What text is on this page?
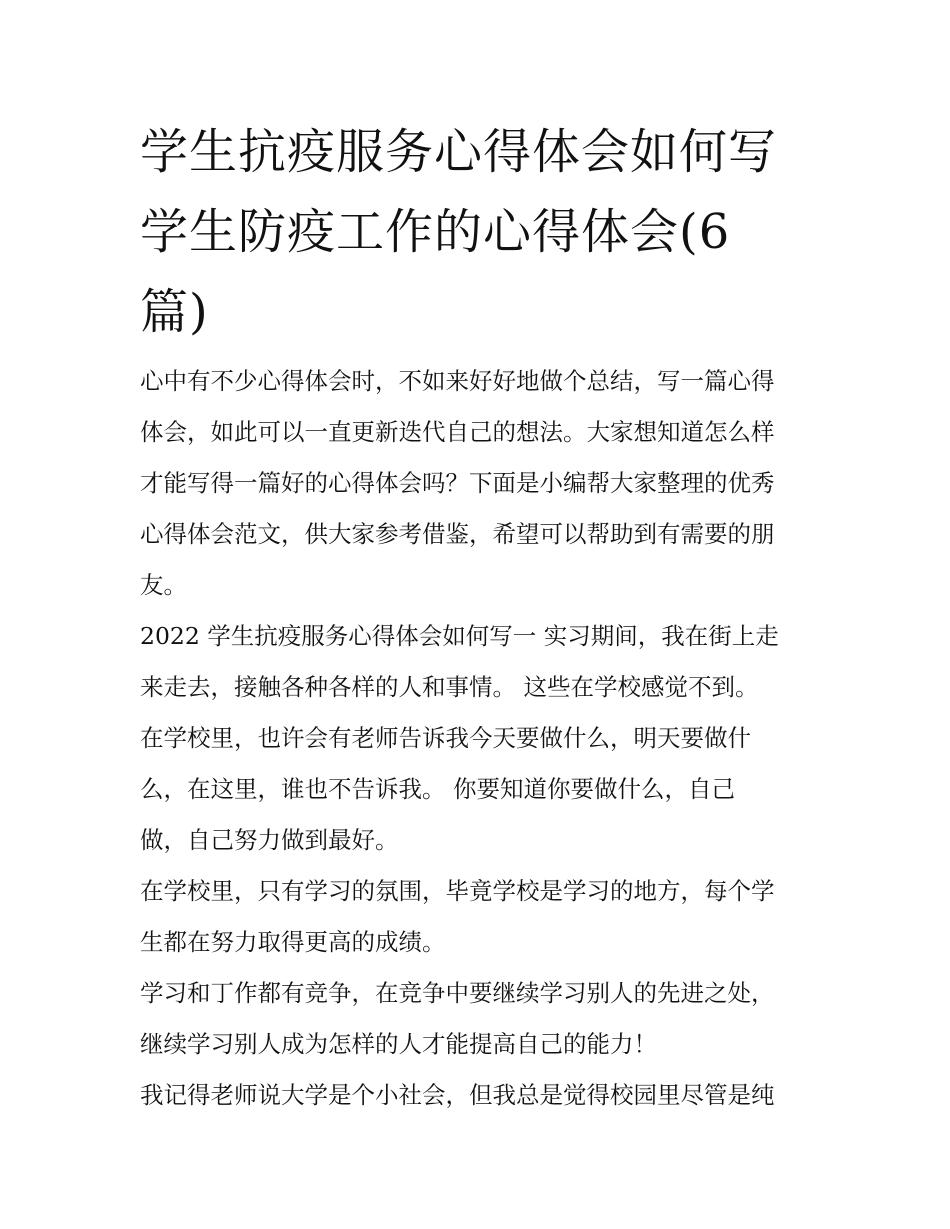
学生抗疫服务心得体会如何写
学生防疫工作的心得体会(6
篇)

心中有不少心得体会时，不如来好好地做个总结，写一篇心得
体会，如此可以一直更新迭代自己的想法。大家想知道怎么样
才能写得一篇好的心得体会吗？下面是小编帮大家整理的优秀
心得体会范文，供大家参考借鉴，希望可以帮助到有需要的朋
友。

2022 学生抗疫服务心得体会如何写一 实习期间，我在街上走
来走去，接触各种各样的人和事情。 这些在学校感觉不到。
在学校里，也许会有老师告诉我今天要做什么，明天要做什
么，在这里，谁也不告诉我。 你要知道你要做什么，自己
做，自己努力做到最好。

在学校里，只有学习的氛围，毕竟学校是学习的地方，每个学
生都在努力取得更高的成绩。

学习和丁作都有竞争，在竞争中要继续学习别人的先进之处，
继续学习别人成为怎样的人才能提高自己的能力！

我记得老师说大学是个小社会，但我总是觉得校园里尽管是纯
